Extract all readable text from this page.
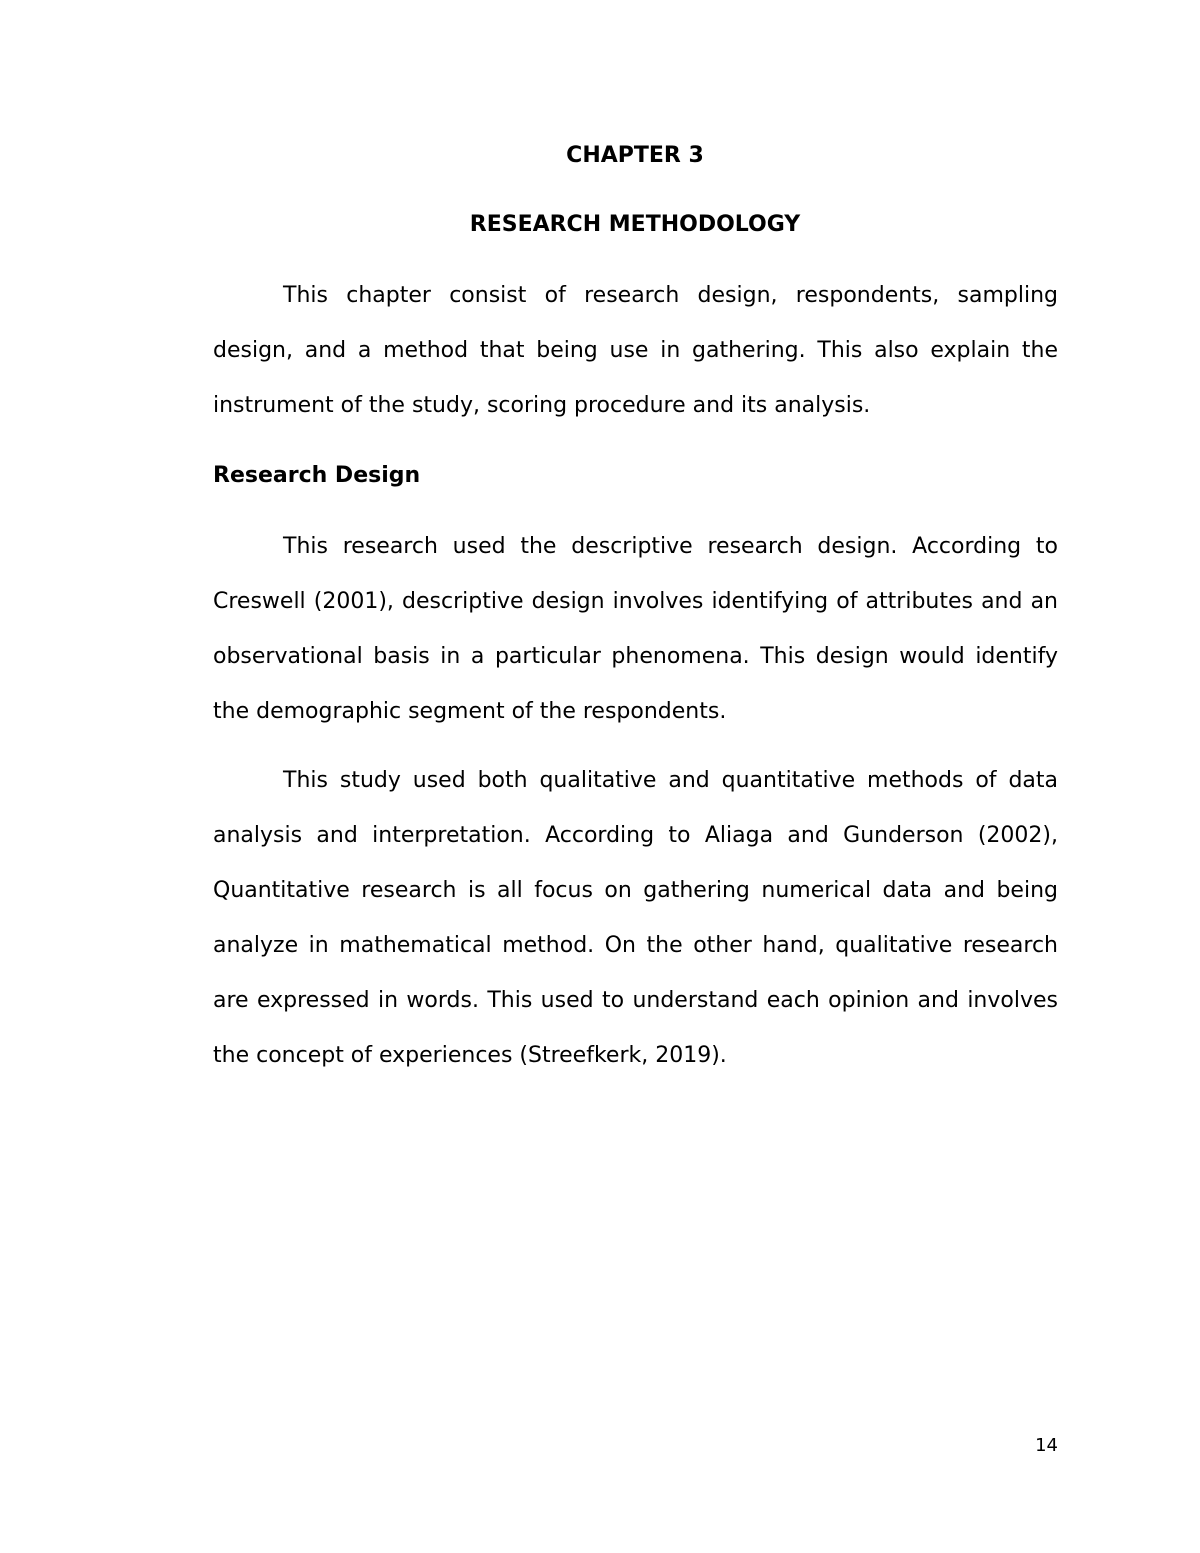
CHAPTER 3
RESEARCH METHODOLOGY

This chapter consist of research design, respondents, sampling design, and a method that being use in gathering. This also explain the instrument of the study, scoring procedure and its analysis.

Research Design

This research used the descriptive research design. According to Creswell (2001), descriptive design involves identifying of attributes and an observational basis in a particular phenomena. This design would identify the demographic segment of the respondents.

This study used both qualitative and quantitative methods of data analysis and interpretation. According to Aliaga and Gunderson (2002), Quantitative research is all focus on gathering numerical data and being analyze in mathematical method. On the other hand, qualitative research are expressed in words. This used to understand each opinion and involves the concept of experiences (Streefkerk, 2019).

14
